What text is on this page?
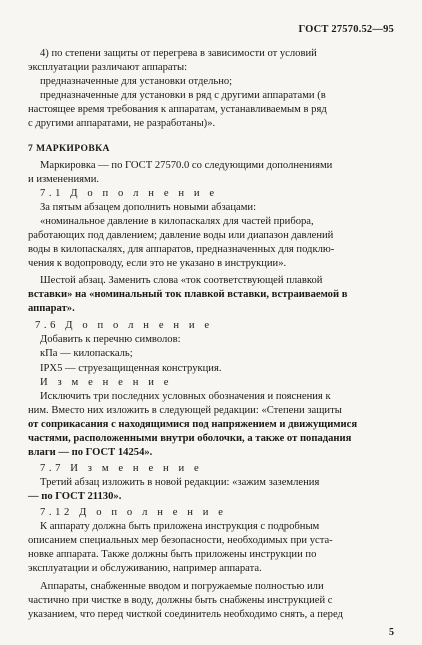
ГОСТ 27570.52—95
4) по степени защиты от перегрева в зависимости от условий
эксплуатации различают аппараты:
предназначенные для установки отдельно;
предназначенные для установки в ряд с другими аппаратами (в
настоящее время требования к аппаратам, устанавливаемым в ряд
с другими аппаратами, не разработаны)».
7 МАРКИРОВКА
Маркировка — по ГОСТ 27570.0 со следующими дополнениями
и изменениями.
7.1 Д о п о л н е н и е
За пятым абзацем дополнить новыми абзацами:
«номинальное давление в килопаскалях для частей прибора,
работающих под давлением; давление воды или диапазон давлений
воды в килопаскалях, для аппаратов, предназначенных для подклю-
чения к водопроводу, если это не указано в инструкции».
Шестой абзац. Заменить слова «ток соответствующей плавкой
вставки» на «номинальный ток плавкой вставки, встраиваемой в
аппарат».
7.6 Д о п о л н е н и е
Добавить к перечню символов:
кПа — килопаскаль;
IPX5 — струезащищенная конструкция.
И з м е н е н и е
Исключить три последних условных обозначения и пояснения к
ним. Вместо них изложить в следующей редакции: «Степени защиты
от соприкасания с находящимися под напряжением и движущимися
частями, расположенными внутри оболочки, а также от попадания
влаги — по ГОСТ 14254».
7.7 И з м е н е н и е
Третий абзац изложить в новой редакции: «зажим заземления
— по ГОСТ 21130».
7.12 Д о п о л н е н и е
К аппарату должна быть приложена инструкция с подробным
описанием специальных мер безопасности, необходимых при уста-
новке аппарата. Также должны быть приложены инструкции по
эксплуатации и обслуживанию, например аппарата.
Аппараты, снабженные вводом и погружаемые полностью или
частично при чистке в воду, должны быть снабжены инструкцией с
указанием, что перед чисткой соединитель необходимо снять, а перед
5
